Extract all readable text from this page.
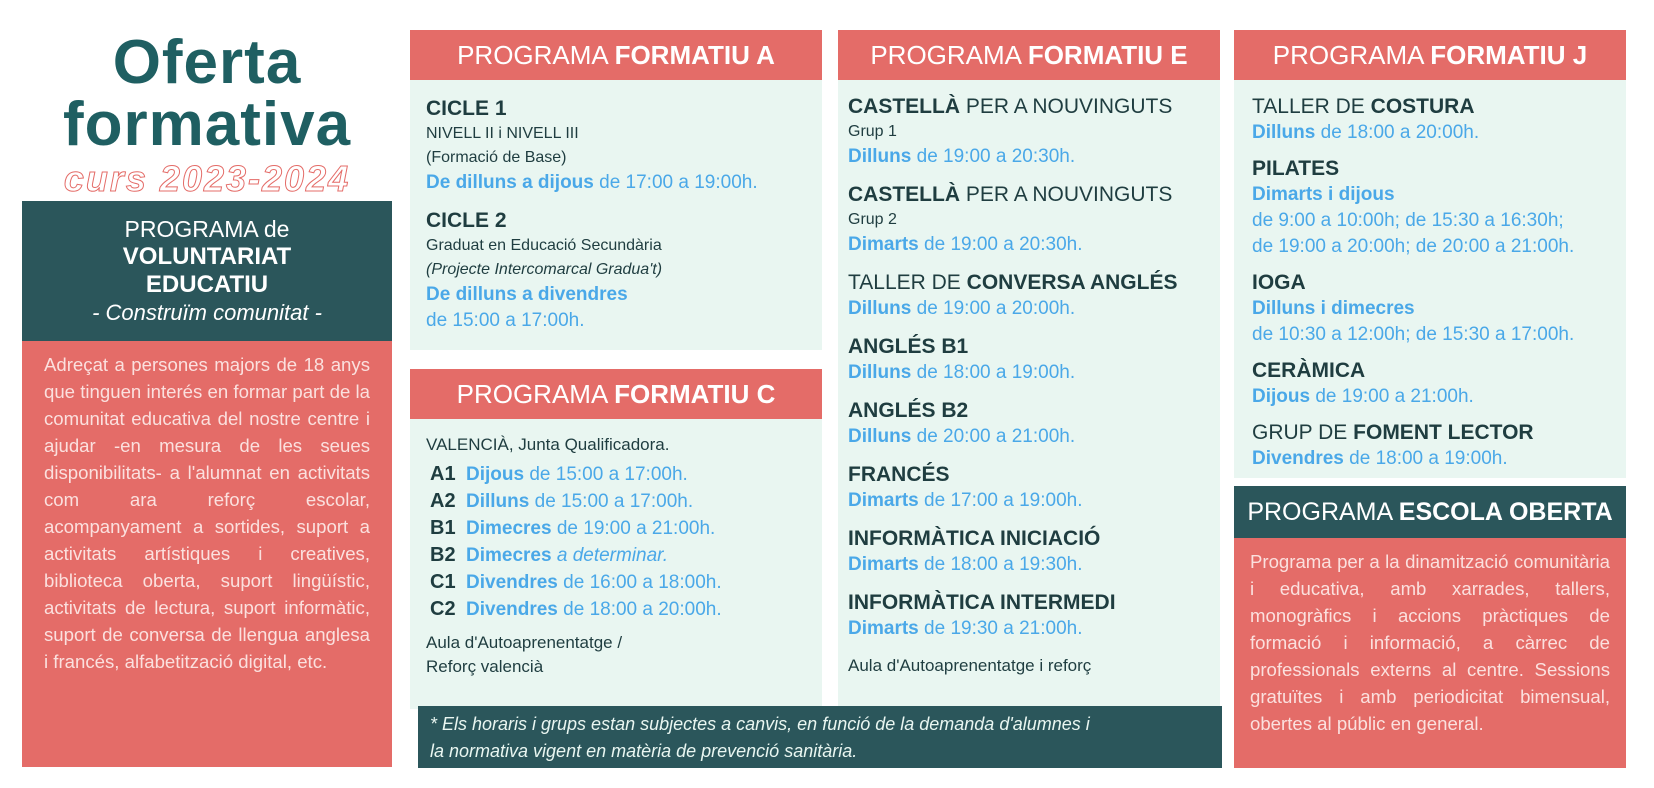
Oferta
formativa
curs 2023-2024
PROGRAMA de
VOLUNTARIAT
EDUCATIU
- Construïm comunitat -
Adreçat a persones majors de 18 anys que tinguen interés en formar part de la comunitat educativa del nostre centre i ajudar -en mesura de les seues disponibilitats- a l'alumnat en activitats com ara reforç escolar, acompanyament a sortides, suport a activitats artístiques i creatives, biblioteca oberta, suport lingüístic, activitats de lectura, suport informàtic, suport de conversa de llengua anglesa i francés, alfabetització digital, etc.
PROGRAMA FORMATIU A
CICLE 1
NIVELL II i NIVELL III
(Formació de Base)
De dilluns a dijous de 17:00 a 19:00h.
CICLE 2
Graduat en Educació Secundària
(Projecte Intercomarcal Gradua't)
De dilluns a divendres
de 15:00 a 17:00h.
PROGRAMA FORMATIU C
VALENCIÀ, Junta Qualificadora.
A1 Dijous de 15:00 a 17:00h.
A2 Dilluns de 15:00 a 17:00h.
B1 Dimecres de 19:00 a 21:00h.
B2 Dimecres a determinar.
C1 Divendres de 16:00 a 18:00h.
C2 Divendres de 18:00 a 20:00h.
Aula d'Autoaprenentatge /
Reforç valencià
PROGRAMA FORMATIU E
CASTELLÀ PER A NOUVINGUTS
Grup 1
Dilluns de 19:00 a 20:30h.
CASTELLÀ PER A NOUVINGUTS
Grup 2
Dimarts de 19:00 a 20:30h.
TALLER DE CONVERSA ANGLÉS
Dilluns de 19:00 a 20:00h.
ANGLÉS B1
Dilluns de 18:00 a 19:00h.
ANGLÉS B2
Dilluns de 20:00 a 21:00h.
FRANCÉS
Dimarts de 17:00 a 19:00h.
INFORMÀTICA INICIACIÓ
Dimarts de 18:00 a 19:30h.
INFORMÀTICA INTERMEDI
Dimarts de 19:30 a 21:00h.
Aula d'Autoaprenentatge i reforç
PROGRAMA FORMATIU J
TALLER DE COSTURA
Dilluns de 18:00 a 20:00h.
PILATES
Dimarts i dijous
de 9:00 a 10:00h; de 15:30 a 16:30h;
de 19:00 a 20:00h; de 20:00 a 21:00h.
IOGA
Dilluns i dimecres
de 10:30 a 12:00h; de 15:30 a 17:00h.
CERÀMICA
Dijous de 19:00 a 21:00h.
GRUP DE FOMENT LECTOR
Divendres de 18:00 a 19:00h.
PROGRAMA ESCOLA OBERTA
Programa per a la dinamització comunitària i educativa, amb xarrades, tallers, monogràfics i accions pràctiques de formació i informació, a càrrec de professionals externs al centre. Sessions gratuïtes i amb periodicitat bimensual, obertes al públic en general.
* Els horaris i grups estan subjectes a canvis, en funció de la demanda d'alumnes i
la normativa vigent en matèria de prevenció sanitària.
